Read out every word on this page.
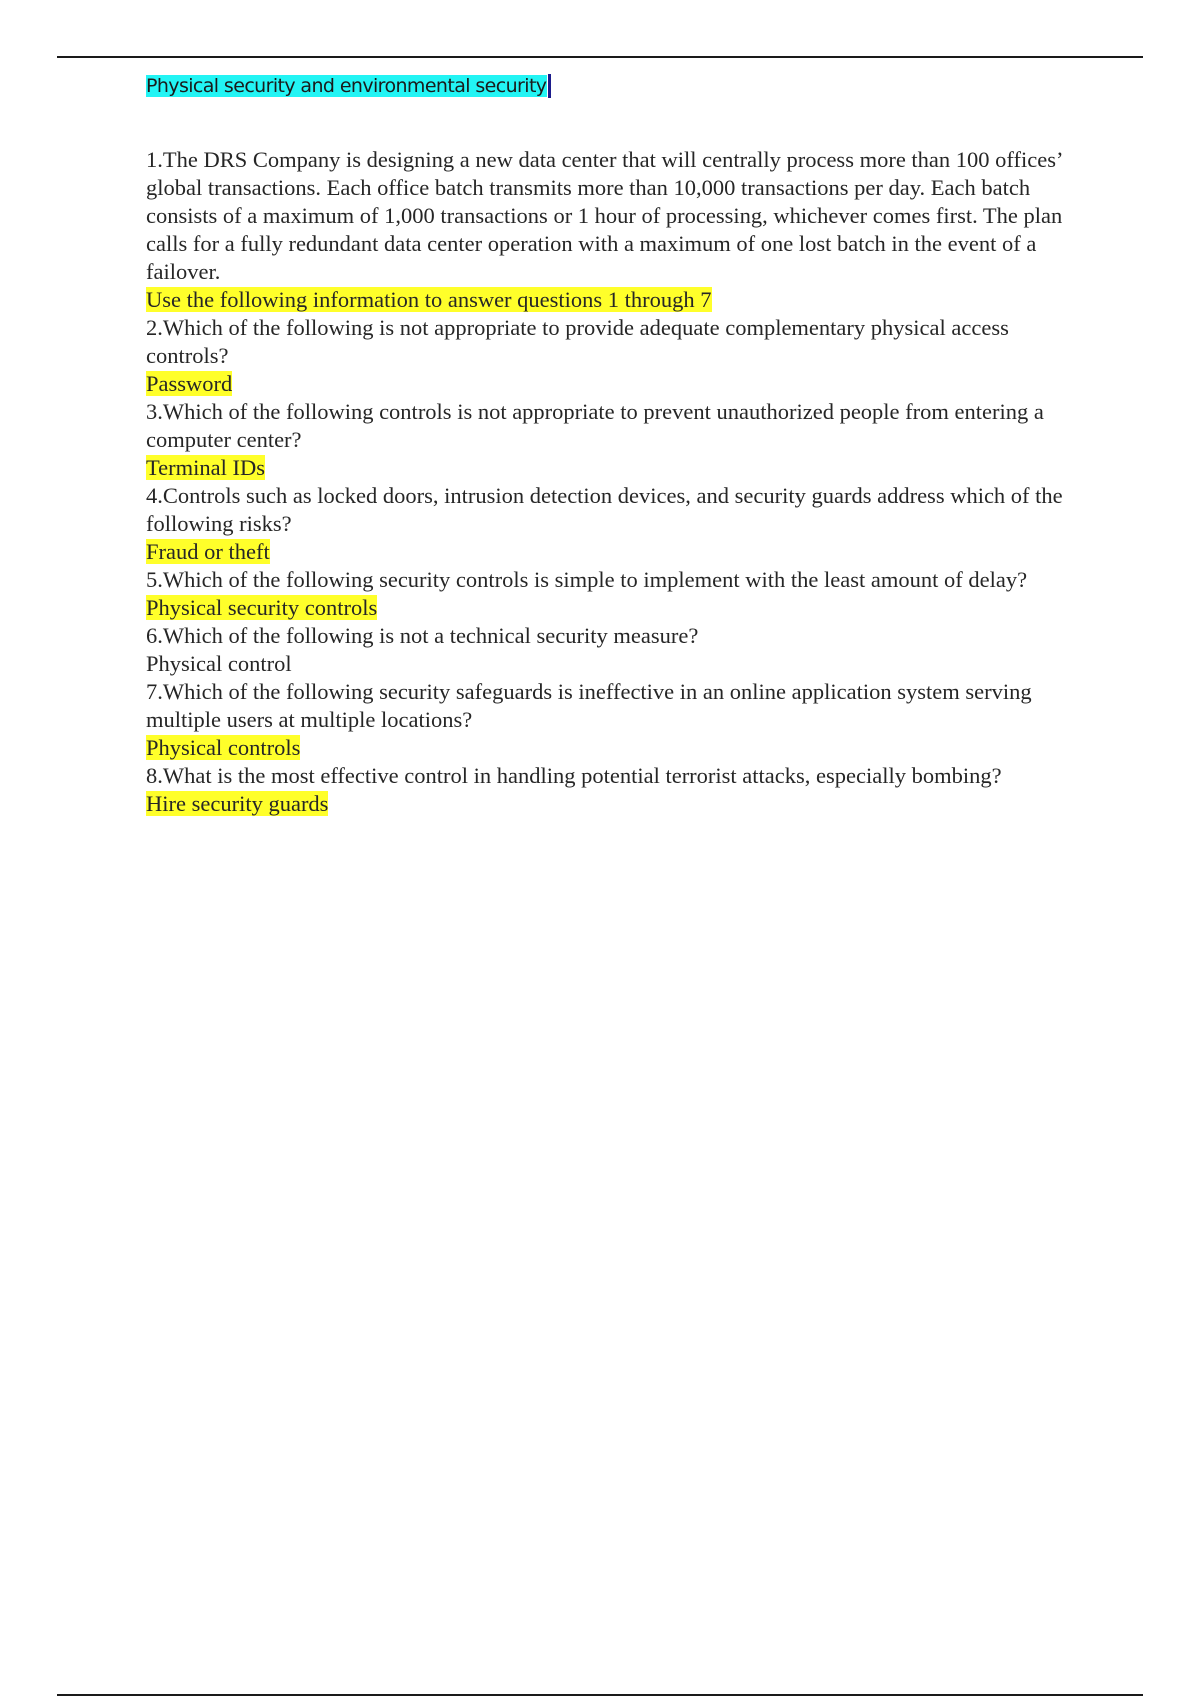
Physical security and environmental security

1.The DRS Company is designing a new data center that will centrally process more than 100 offices’ global transactions. Each office batch transmits more than 10,000 transactions per day. Each batch consists of a maximum of 1,000 transactions or 1 hour of processing, whichever comes first. The plan calls for a fully redundant data center operation with a maximum of one lost batch in the event of a failover.

Use the following information to answer questions 1 through 7

2.Which of the following is not appropriate to provide adequate complementary physical access controls?

Password

3.Which of the following controls is not appropriate to prevent unauthorized people from entering a computer center?

Terminal IDs

4.Controls such as locked doors, intrusion detection devices, and security guards address which of the following risks?

Fraud or theft

5.Which of the following security controls is simple to implement with the least amount of delay?

Physical security controls

6.Which of the following is not a technical security measure?

Physical control

7.Which of the following security safeguards is ineffective in an online application system serving multiple users at multiple locations?

Physical controls

8.What is the most effective control in handling potential terrorist attacks, especially bombing?

Hire security guards
